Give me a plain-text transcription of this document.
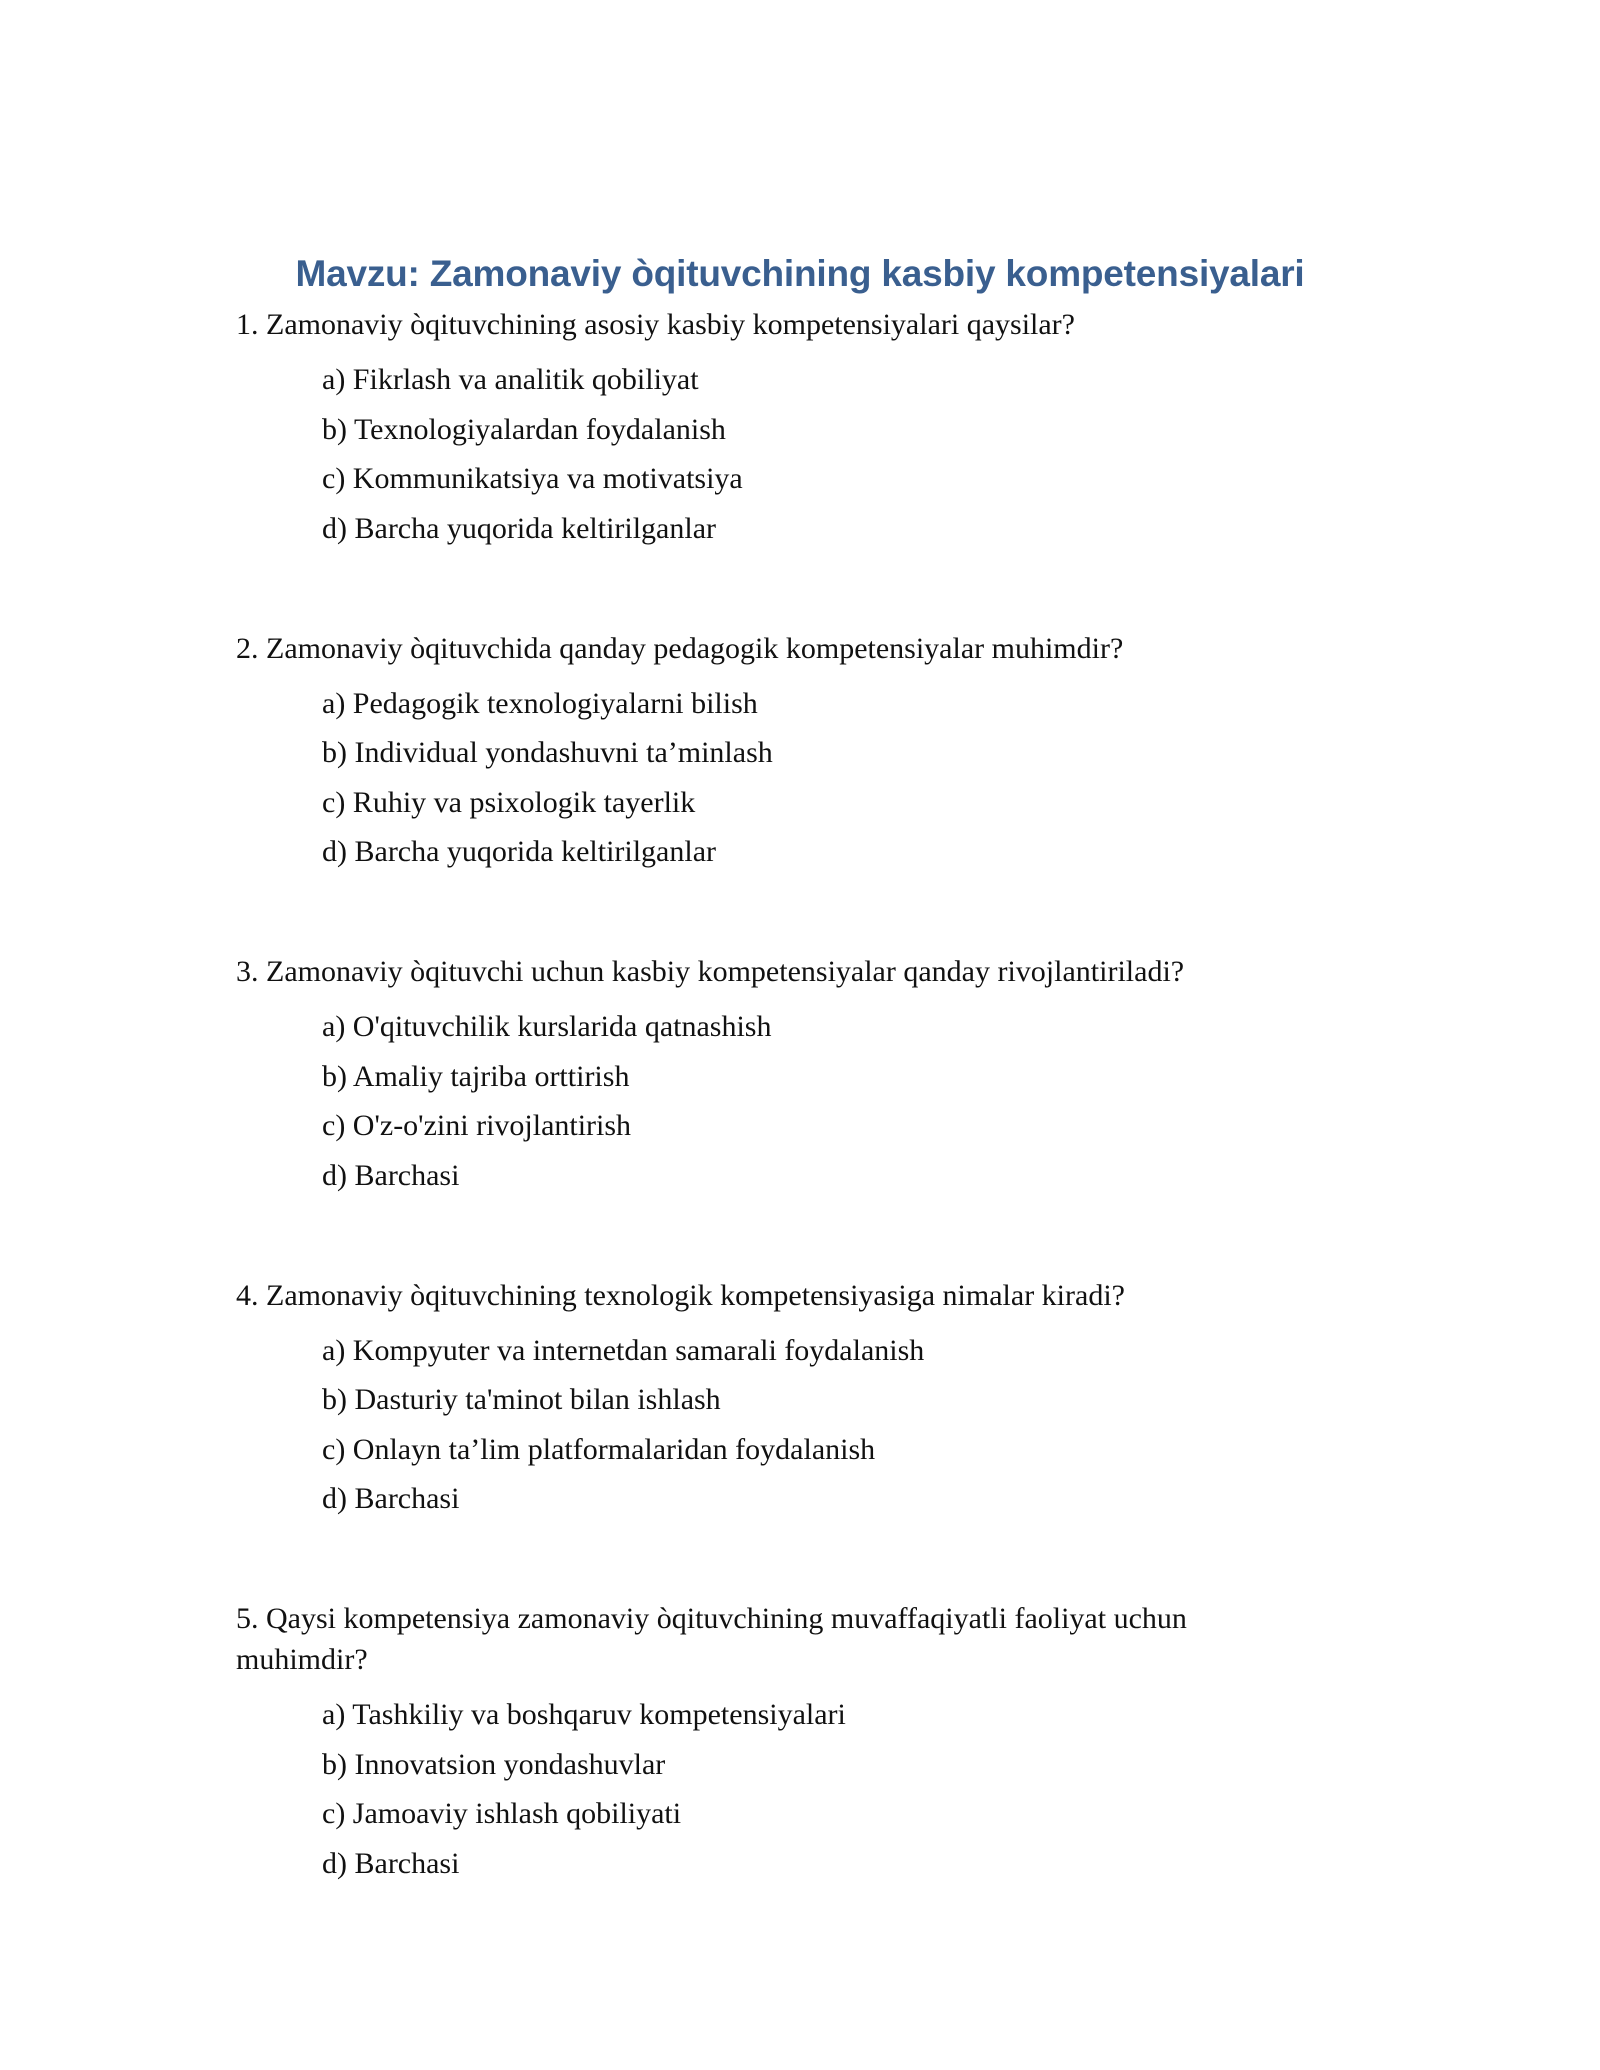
Mavzu: Zamonaviy òqituvchining kasbiy kompetensiyalari

1. Zamonaviy òqituvchining asosiy kasbiy kompetensiyalari qaysilar?

a) Fikrlash va analitik qobiliyat
b) Texnologiyalardan foydalanish
c) Kommunikatsiya va motivatsiya
d) Barcha yuqorida keltirilganlar

2. Zamonaviy òqituvchida qanday pedagogik kompetensiyalar muhimdir?

a) Pedagogik texnologiyalarni bilish
b) Individual yondashuvni ta’minlash
c) Ruhiy va psixologik tayerlik
d) Barcha yuqorida keltirilganlar

3. Zamonaviy òqituvchi uchun kasbiy kompetensiyalar qanday rivojlantiriladi?

a) O'qituvchilik kurslarida qatnashish
b) Amaliy tajriba orttirish
c) O'z-o'zini rivojlantirish
d) Barchasi

4. Zamonaviy òqituvchining texnologik kompetensiyasiga nimalar kiradi?

a) Kompyuter va internetdan samarali foydalanish
b) Dasturiy ta'minot bilan ishlash
c) Onlayn ta’lim platformalaridan foydalanish
d) Barchasi

5. Qaysi kompetensiya zamonaviy òqituvchining muvaffaqiyatli faoliyat uchun muhimdir?

a) Tashkiliy va boshqaruv kompetensiyalari
b) Innovatsion yondashuvlar
c) Jamoaviy ishlash qobiliyati
d) Barchasi
